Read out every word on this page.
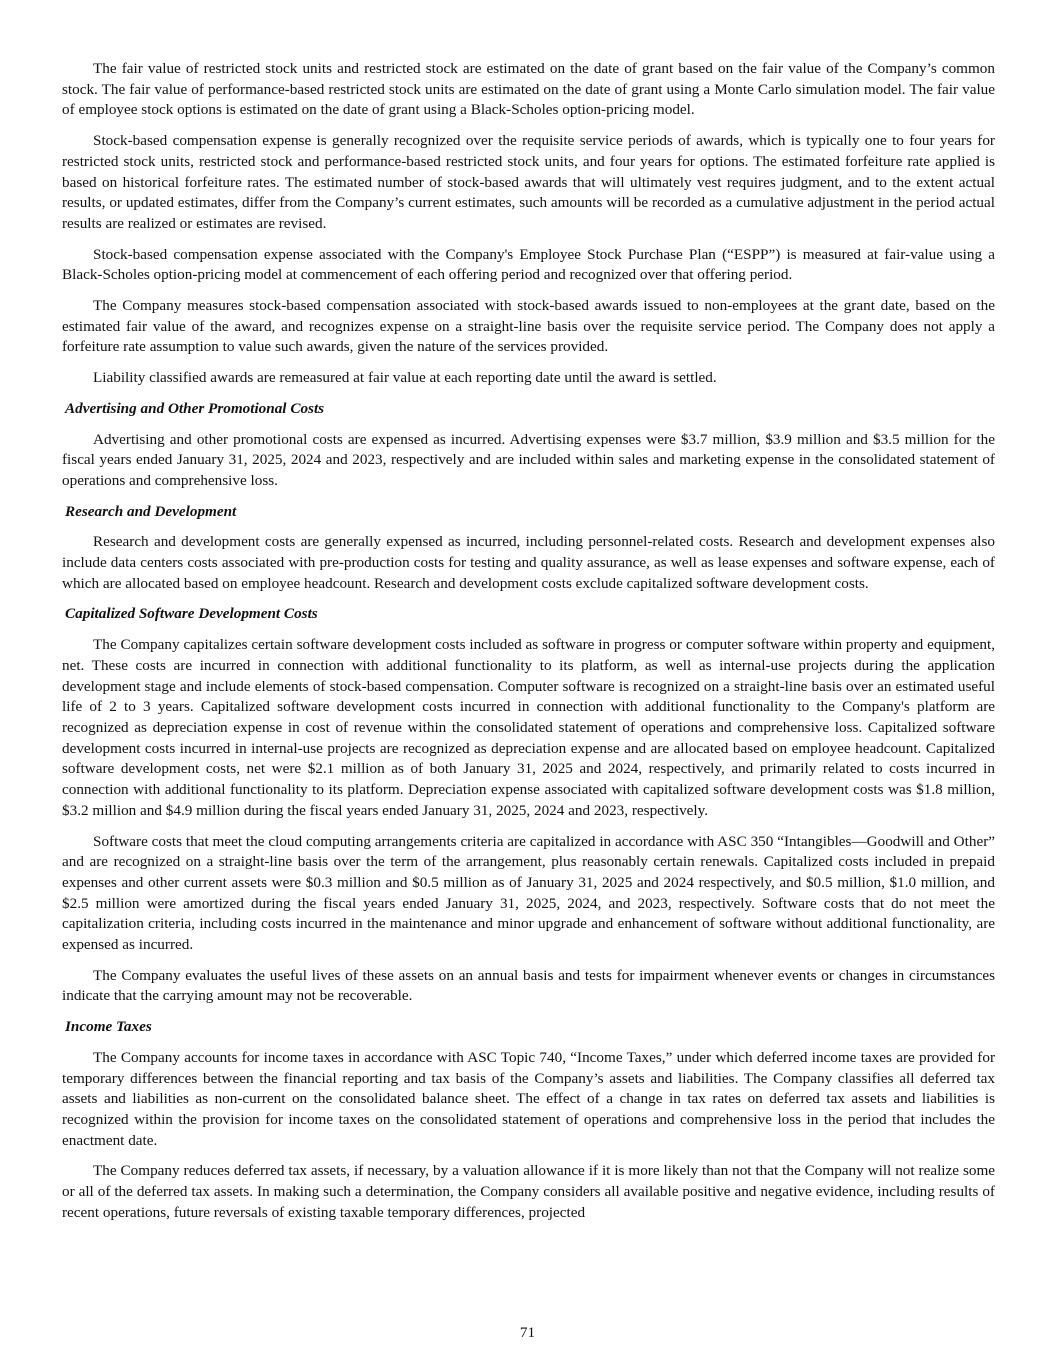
The fair value of restricted stock units and restricted stock are estimated on the date of grant based on the fair value of the Company’s common stock. The fair value of performance-based restricted stock units are estimated on the date of grant using a Monte Carlo simulation model. The fair value of employee stock options is estimated on the date of grant using a Black-Scholes option-pricing model.

Stock-based compensation expense is generally recognized over the requisite service periods of awards, which is typically one to four years for restricted stock units, restricted stock and performance-based restricted stock units, and four years for options. The estimated forfeiture rate applied is based on historical forfeiture rates. The estimated number of stock-based awards that will ultimately vest requires judgment, and to the extent actual results, or updated estimates, differ from the Company’s current estimates, such amounts will be recorded as a cumulative adjustment in the period actual results are realized or estimates are revised.

Stock-based compensation expense associated with the Company's Employee Stock Purchase Plan (“ESPP”) is measured at fair-value using a Black-Scholes option-pricing model at commencement of each offering period and recognized over that offering period.

The Company measures stock-based compensation associated with stock-based awards issued to non-employees at the grant date, based on the estimated fair value of the award, and recognizes expense on a straight-line basis over the requisite service period. The Company does not apply a forfeiture rate assumption to value such awards, given the nature of the services provided.

Liability classified awards are remeasured at fair value at each reporting date until the award is settled.

Advertising and Other Promotional Costs

Advertising and other promotional costs are expensed as incurred. Advertising expenses were $3.7 million, $3.9 million and $3.5 million for the fiscal years ended January 31, 2025, 2024 and 2023, respectively and are included within sales and marketing expense in the consolidated statement of operations and comprehensive loss.

Research and Development

Research and development costs are generally expensed as incurred, including personnel-related costs. Research and development expenses also include data centers costs associated with pre-production costs for testing and quality assurance, as well as lease expenses and software expense, each of which are allocated based on employee headcount. Research and development costs exclude capitalized software development costs.

Capitalized Software Development Costs

The Company capitalizes certain software development costs included as software in progress or computer software within property and equipment, net. These costs are incurred in connection with additional functionality to its platform, as well as internal-use projects during the application development stage and include elements of stock-based compensation. Computer software is recognized on a straight-line basis over an estimated useful life of 2 to 3 years. Capitalized software development costs incurred in connection with additional functionality to the Company's platform are recognized as depreciation expense in cost of revenue within the consolidated statement of operations and comprehensive loss. Capitalized software development costs incurred in internal-use projects are recognized as depreciation expense and are allocated based on employee headcount. Capitalized software development costs, net were $2.1 million as of both January 31, 2025 and 2024, respectively, and primarily related to costs incurred in connection with additional functionality to its platform. Depreciation expense associated with capitalized software development costs was $1.8 million, $3.2 million and $4.9 million during the fiscal years ended January 31, 2025, 2024 and 2023, respectively.

Software costs that meet the cloud computing arrangements criteria are capitalized in accordance with ASC 350 “Intangibles—Goodwill and Other” and are recognized on a straight-line basis over the term of the arrangement, plus reasonably certain renewals. Capitalized costs included in prepaid expenses and other current assets were $0.3 million and $0.5 million as of January 31, 2025 and 2024 respectively, and $0.5 million, $1.0 million, and $2.5 million were amortized during the fiscal years ended January 31, 2025, 2024, and 2023, respectively. Software costs that do not meet the capitalization criteria, including costs incurred in the maintenance and minor upgrade and enhancement of software without additional functionality, are expensed as incurred.

The Company evaluates the useful lives of these assets on an annual basis and tests for impairment whenever events or changes in circumstances indicate that the carrying amount may not be recoverable.

Income Taxes

The Company accounts for income taxes in accordance with ASC Topic 740, “Income Taxes,” under which deferred income taxes are provided for temporary differences between the financial reporting and tax basis of the Company’s assets and liabilities. The Company classifies all deferred tax assets and liabilities as non-current on the consolidated balance sheet. The effect of a change in tax rates on deferred tax assets and liabilities is recognized within the provision for income taxes on the consolidated statement of operations and comprehensive loss in the period that includes the enactment date.

The Company reduces deferred tax assets, if necessary, by a valuation allowance if it is more likely than not that the Company will not realize some or all of the deferred tax assets. In making such a determination, the Company considers all available positive and negative evidence, including results of recent operations, future reversals of existing taxable temporary differences, projected

71
